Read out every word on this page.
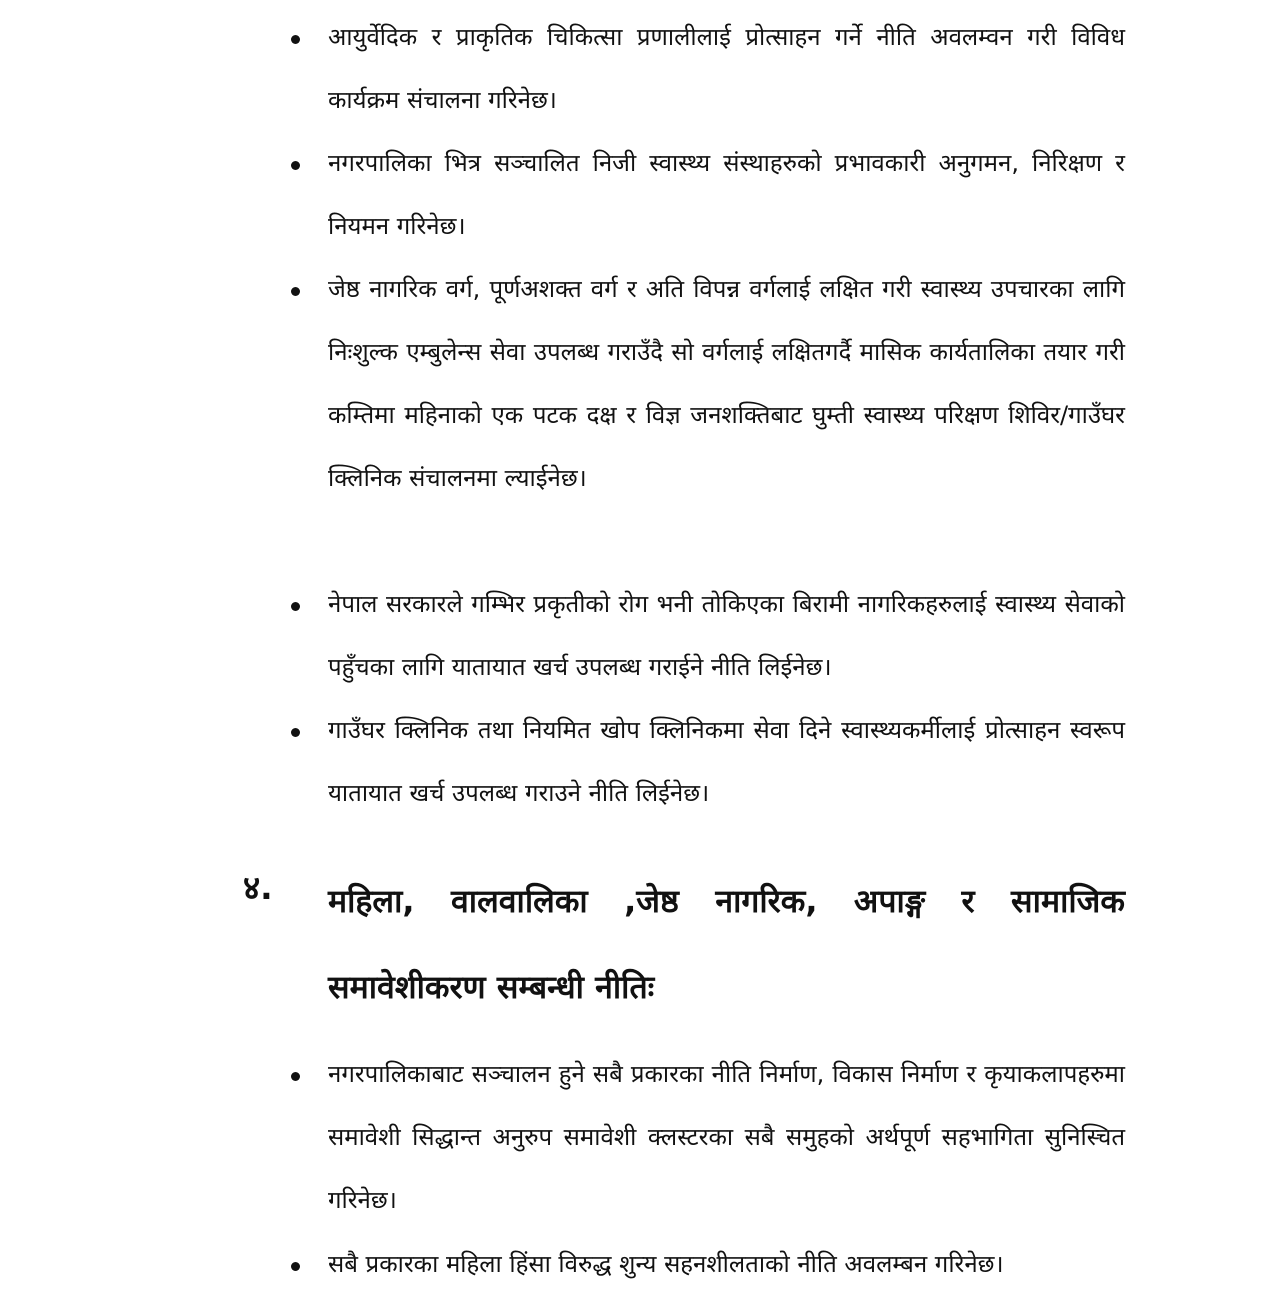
आयुर्वेदिक र प्राकृतिक चिकित्सा प्रणालीलाई प्रोत्साहन गर्ने नीति अवलम्वन गरी विविध कार्यक्रम संचालना गरिनेछ।
नगरपालिका भित्र सञ्चालित निजी स्वास्थ्य संस्थाहरुको प्रभावकारी अनुगमन, निरिक्षण र नियमन गरिनेछ।
जेष्ठ नागरिक वर्ग, पूर्णअशक्त वर्ग र अति विपन्न वर्गलाई लक्षित गरी स्वास्थ्य उपचारका लागि निःशुल्क एम्बुलेन्स सेवा उपलब्ध गराउँदै सो वर्गलाई लक्षितगर्दै मासिक कार्यतालिका तयार गरी कम्तिमा महिनाको एक पटक दक्ष र विज्ञ जनशक्तिबाट घुम्ती स्वास्थ्य परिक्षण शिविर/गाउँघर क्लिनिक संचालनमा ल्याईनेछ।
नेपाल सरकारले गम्भिर प्रकृतीको रोग भनी तोकिएका बिरामी नागरिकहरुलाई स्वास्थ्य सेवाको पहुँचका लागि यातायात खर्च उपलब्ध गराईने नीति लिईनेछ।
गाउँघर क्लिनिक तथा नियमित खोप क्लिनिकमा सेवा दिने स्वास्थ्यकर्मीलाई प्रोत्साहन स्वरूप यातायात खर्च उपलब्ध गराउने नीति लिईनेछ।
४. महिला, वालवालिका ,जेष्ठ नागरिक, अपाङ्ग र सामाजिक समावेशीकरण सम्बन्धी नीतिः
नगरपालिकाबाट सञ्चालन हुने सबै प्रकारका नीति निर्माण, विकास निर्माण र कृयाकलापहरुमा समावेशी सिद्धान्त अनुरुप समावेशी क्लस्टरका सबै समुहको अर्थपूर्ण सहभागिता सुनिस्चित गरिनेछ।
सबै प्रकारका महिला हिंसा विरुद्ध शुन्य सहनशीलताको नीति अवलम्बन गरिनेछ।
